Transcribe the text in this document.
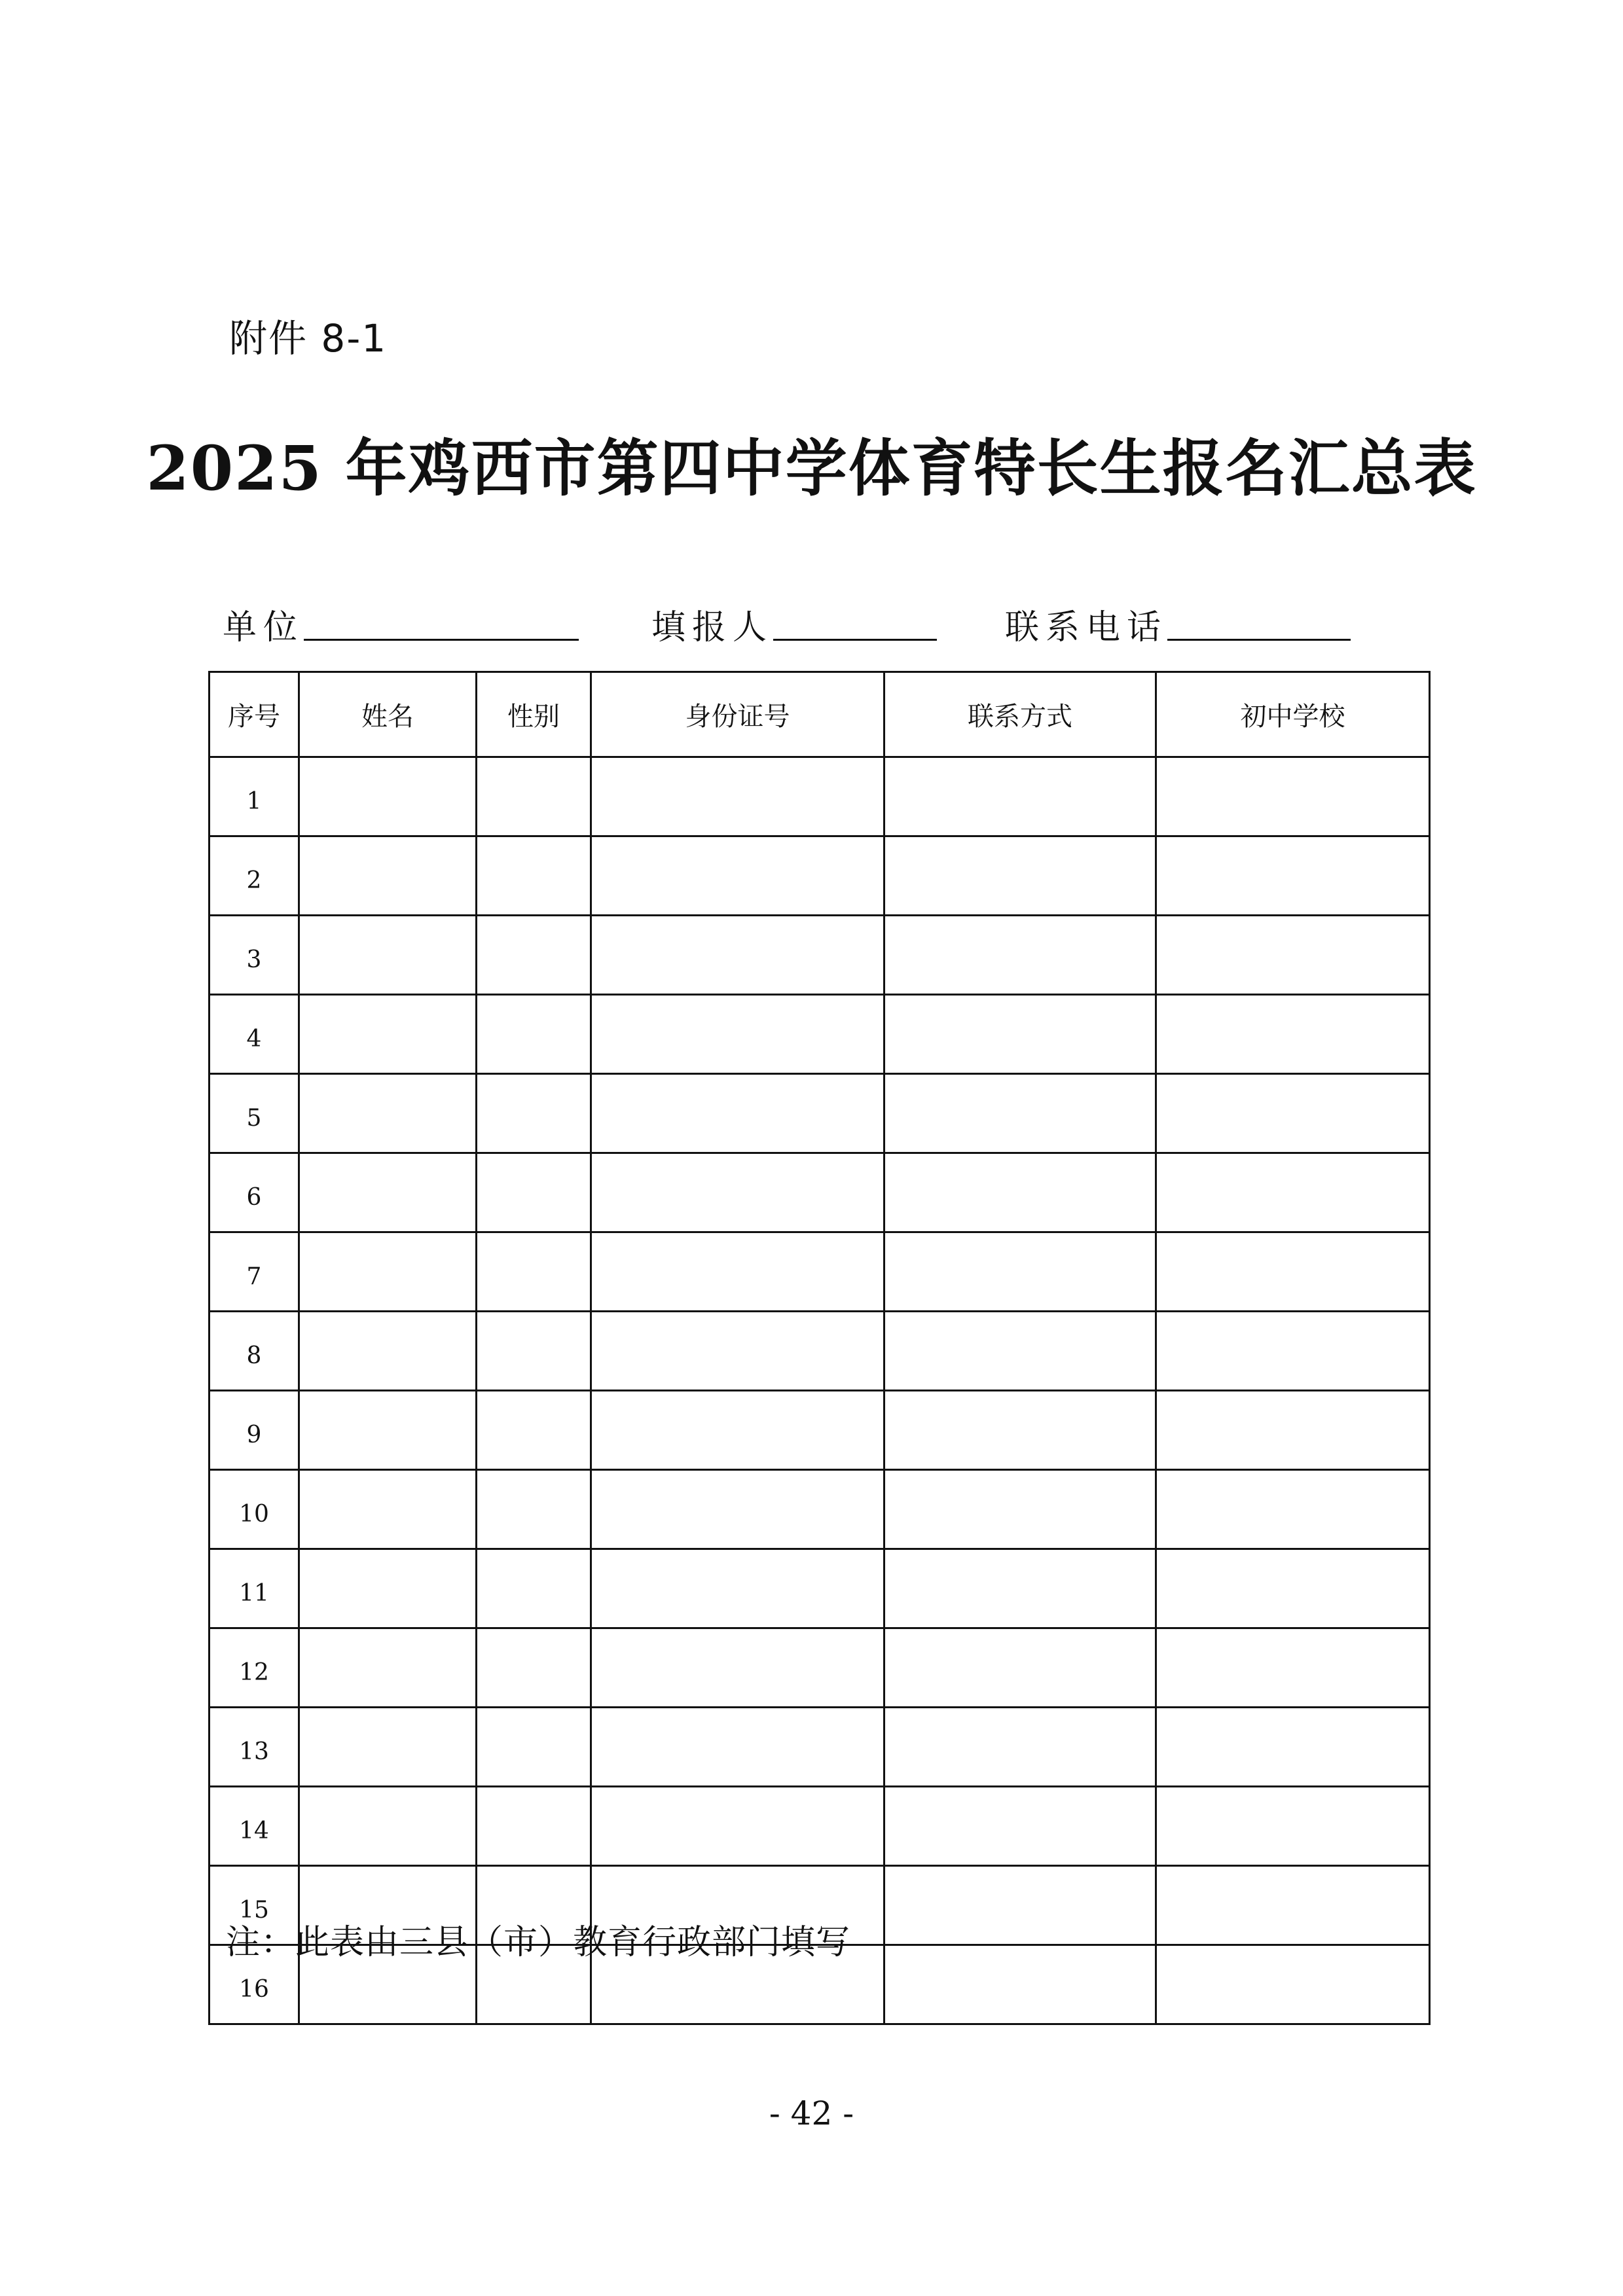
附件 8-1
2025 年鸡西市第四中学体育特长生报名汇总表
单位	填报人	联系电话
序号	姓名	性别	身份证号	联系方式	初中学校
1					
2					
3					
4					
5					
6					
7					
8					
9					
10					
11					
12					
13					
14					
15					
16					
注：此表由三县（市）教育行政部门填写
- 42 -
